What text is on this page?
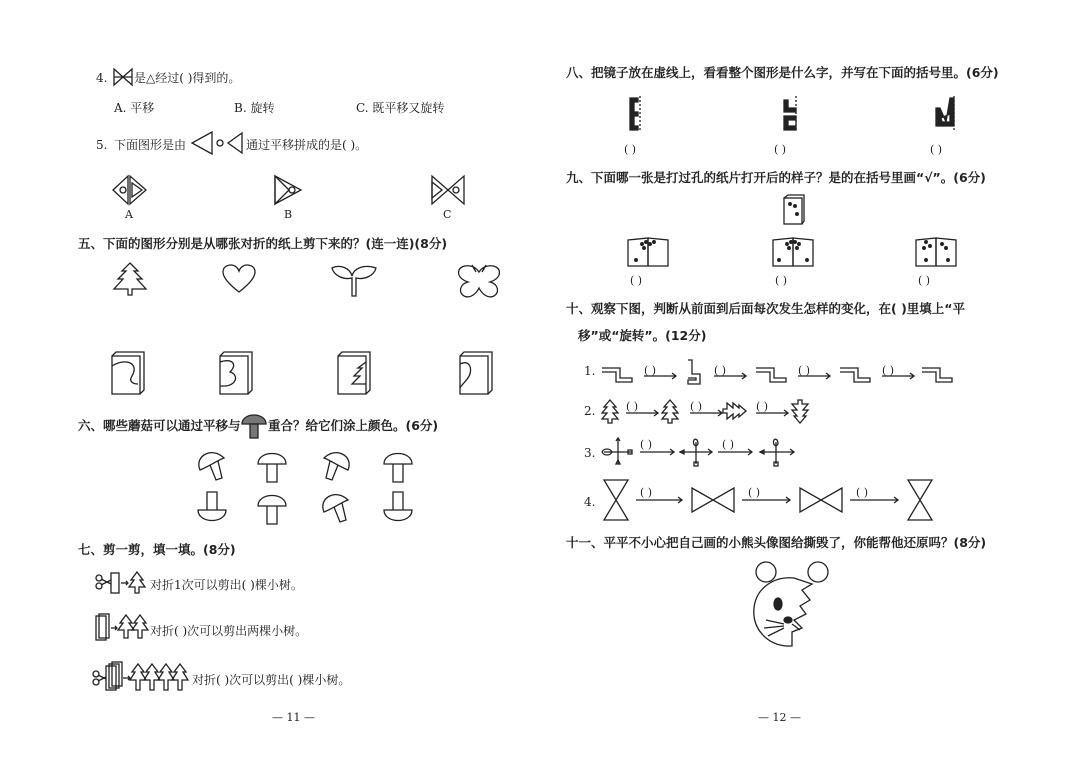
4. 是△经过( )得到的。
A. 平移	B. 旋转	C. 既平移又旋转
5. 下面图形是由	通过平移拼成的是( )。
A	B	C
五、下面的图形分别是从哪张对折的纸上剪下来的？(连一连)(8分)
六、哪些蘑菇可以通过平移与 重合？给它们涂上颜色。(6分)
七、剪一剪，填一填。(8分)
对折1次可以剪出( )棵小树。
对折( )次可以剪出两棵小树。
对折( )次可以剪出( )棵小树。
— 11 —
八、把镜子放在虚线上，看看整个图形是什么字，并写在下面的括号里。(6分)
( )	( )	( )
九、下面哪一张是打过孔的纸片打开后的样子？是的在括号里画“√”。(6分)
( )	( )	( )
十、观察下图，判断从前面到后面每次发生怎样的变化，在( )里填上“平
移”或“旋转”。(12分)
1.	( )	( )	( )	( )
2.	( )	( )	( )
3.
( )	( )
4.
( )	( )	( )
十一、平平不小心把自己画的小熊头像图给撕毁了，你能帮他还原吗？(8分)
— 12 —
